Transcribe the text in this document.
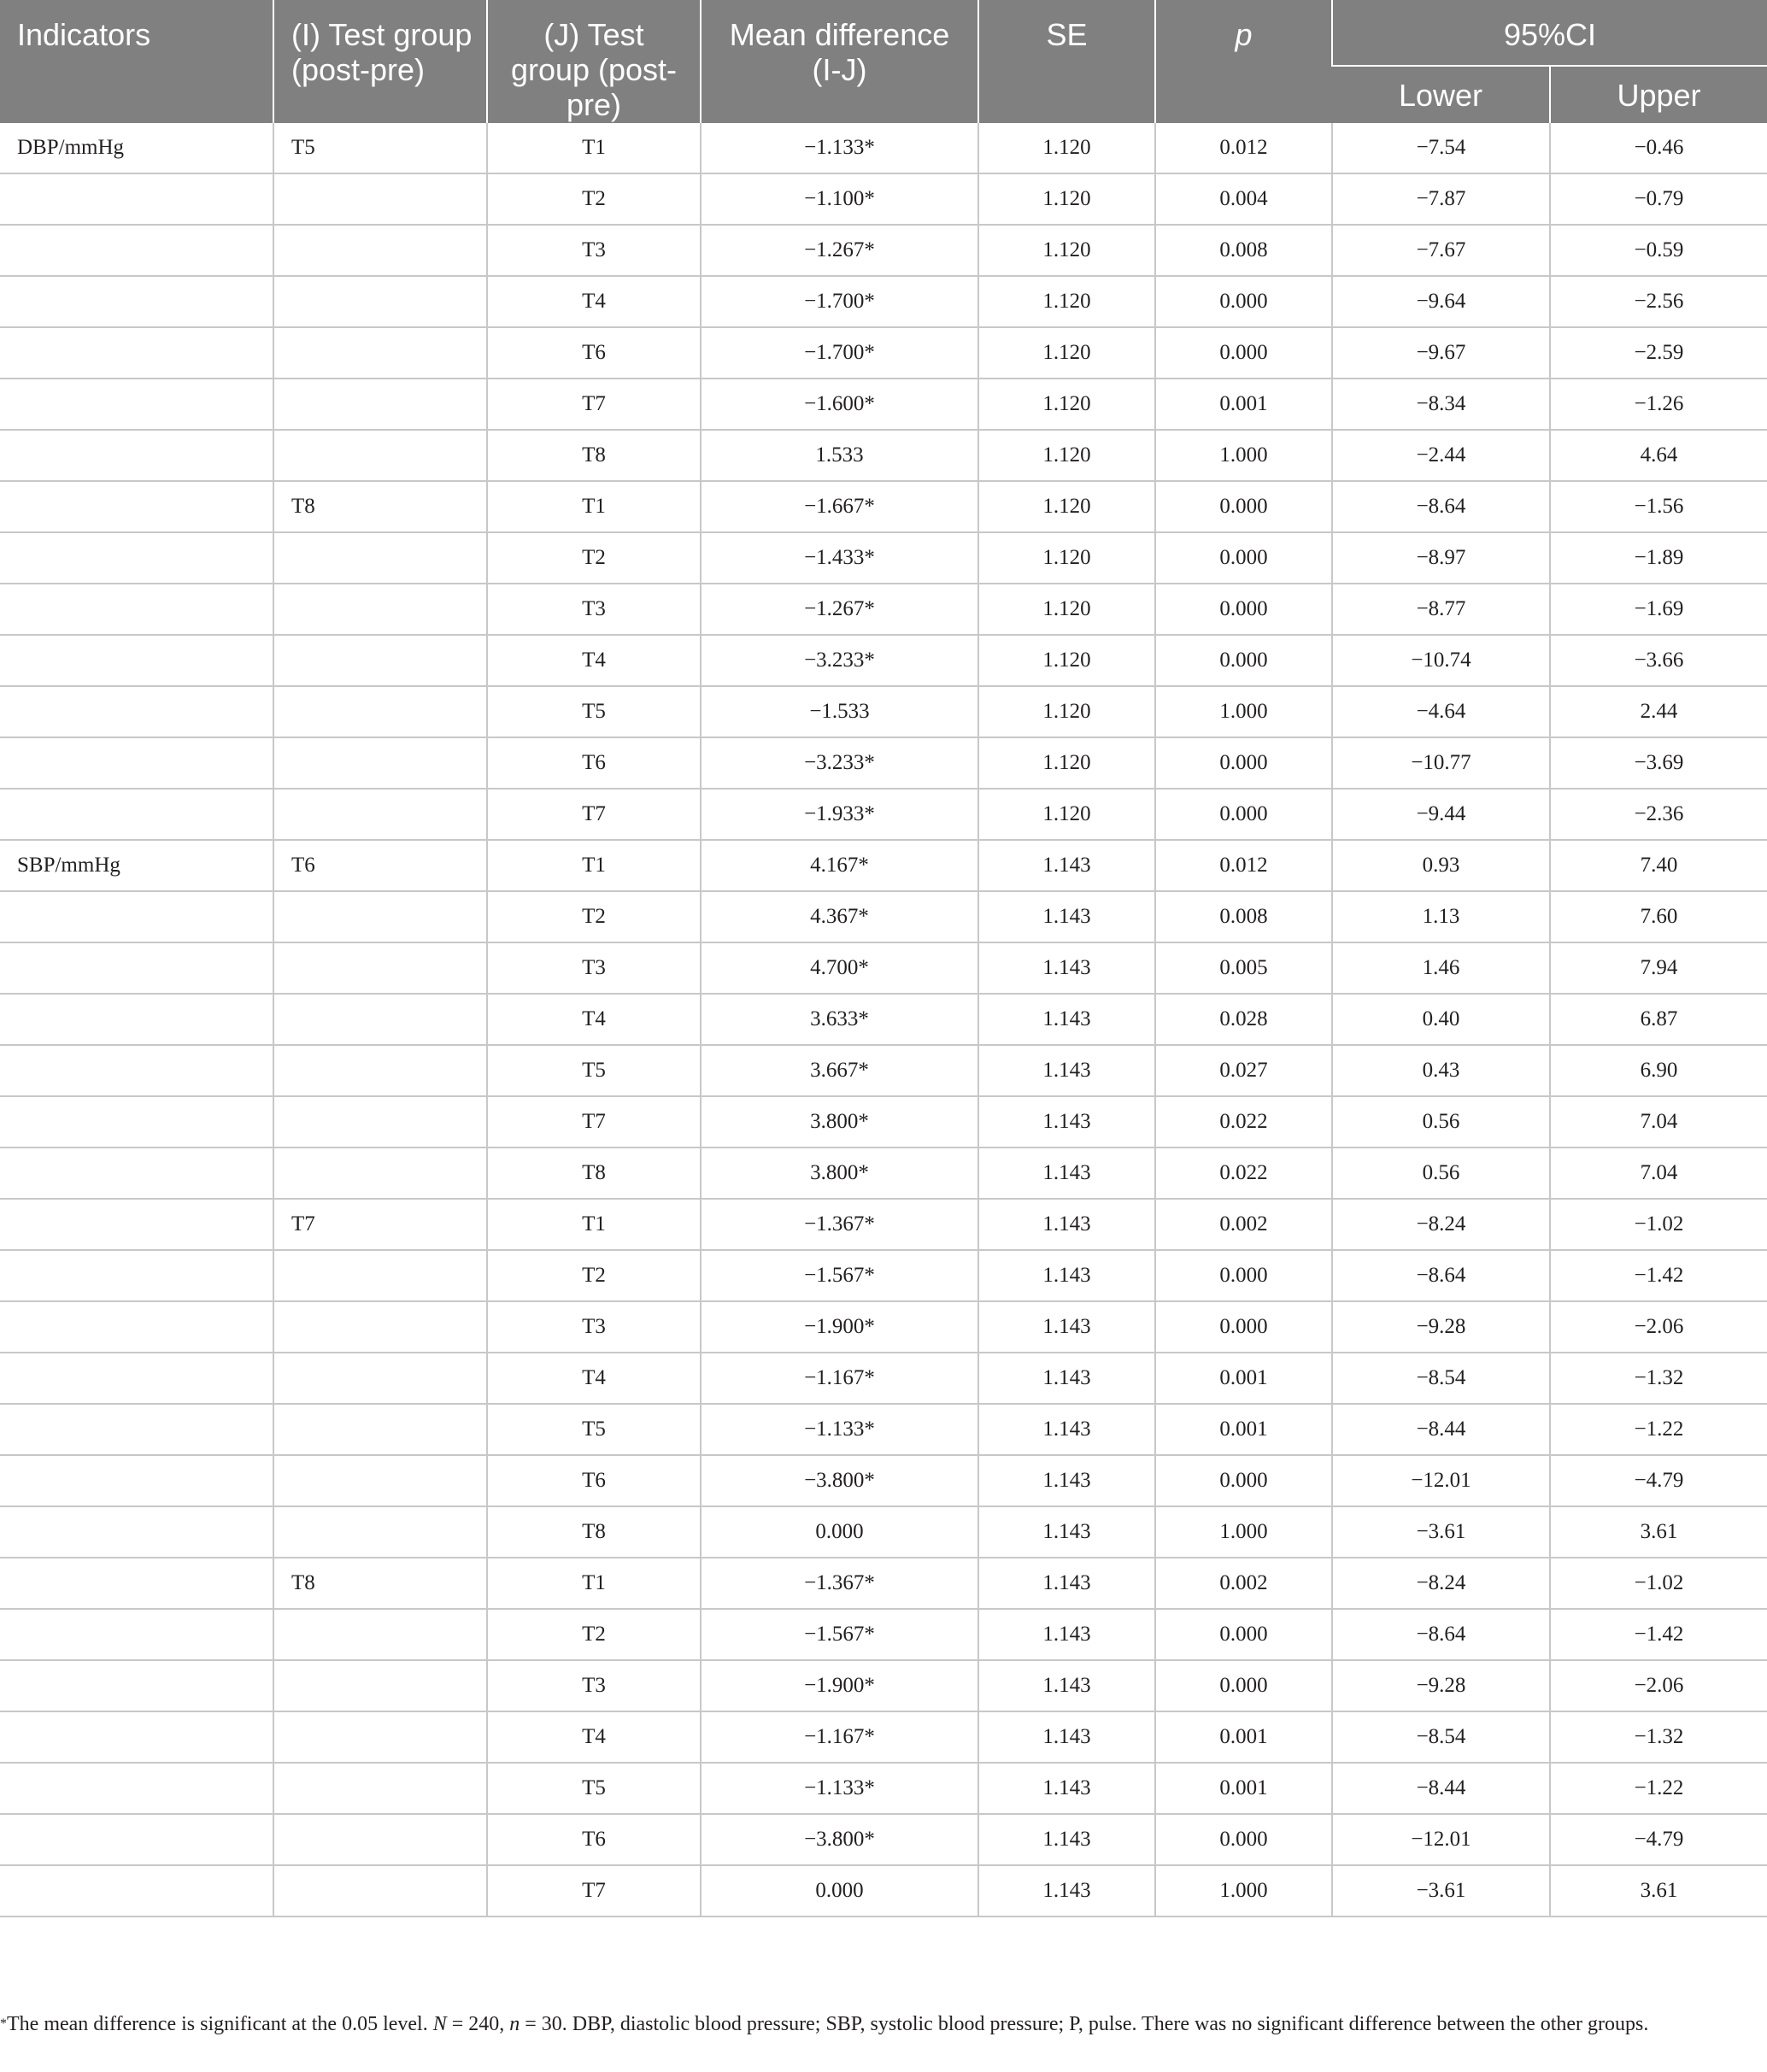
Indicators	(I) Test group (post-pre)	(J) Test group (post-pre)	Mean difference (I-J)	SE	p	95%CI	
						Lower	Upper
DBP/mmHg	T5	T1	−1.133*	1.120	0.012	−7.54	−0.46
		T2	−1.100*	1.120	0.004	−7.87	−0.79
		T3	−1.267*	1.120	0.008	−7.67	−0.59
		T4	−1.700*	1.120	0.000	−9.64	−2.56
		T6	−1.700*	1.120	0.000	−9.67	−2.59
		T7	−1.600*	1.120	0.001	−8.34	−1.26
		T8	1.533	1.120	1.000	−2.44	4.64
	T8	T1	−1.667*	1.120	0.000	−8.64	−1.56
		T2	−1.433*	1.120	0.000	−8.97	−1.89
		T3	−1.267*	1.120	0.000	−8.77	−1.69
		T4	−3.233*	1.120	0.000	−10.74	−3.66
		T5	−1.533	1.120	1.000	−4.64	2.44
		T6	−3.233*	1.120	0.000	−10.77	−3.69
		T7	−1.933*	1.120	0.000	−9.44	−2.36
SBP/mmHg	T6	T1	4.167*	1.143	0.012	0.93	7.40
		T2	4.367*	1.143	0.008	1.13	7.60
		T3	4.700*	1.143	0.005	1.46	7.94
		T4	3.633*	1.143	0.028	0.40	6.87
		T5	3.667*	1.143	0.027	0.43	6.90
		T7	3.800*	1.143	0.022	0.56	7.04
		T8	3.800*	1.143	0.022	0.56	7.04
	T7	T1	−1.367*	1.143	0.002	−8.24	−1.02
		T2	−1.567*	1.143	0.000	−8.64	−1.42
		T3	−1.900*	1.143	0.000	−9.28	−2.06
		T4	−1.167*	1.143	0.001	−8.54	−1.32
		T5	−1.133*	1.143	0.001	−8.44	−1.22
		T6	−3.800*	1.143	0.000	−12.01	−4.79
		T8	0.000	1.143	1.000	−3.61	3.61
	T8	T1	−1.367*	1.143	0.002	−8.24	−1.02
		T2	−1.567*	1.143	0.000	−8.64	−1.42
		T3	−1.900*	1.143	0.000	−9.28	−2.06
		T4	−1.167*	1.143	0.001	−8.54	−1.32
		T5	−1.133*	1.143	0.001	−8.44	−1.22
		T6	−3.800*	1.143	0.000	−12.01	−4.79
		T7	0.000	1.143	1.000	−3.61	3.61
*The mean difference is significant at the 0.05 level. N = 240, n = 30. DBP, diastolic blood pressure; SBP, systolic blood pressure; P, pulse. There was no significant difference between the other groups.
